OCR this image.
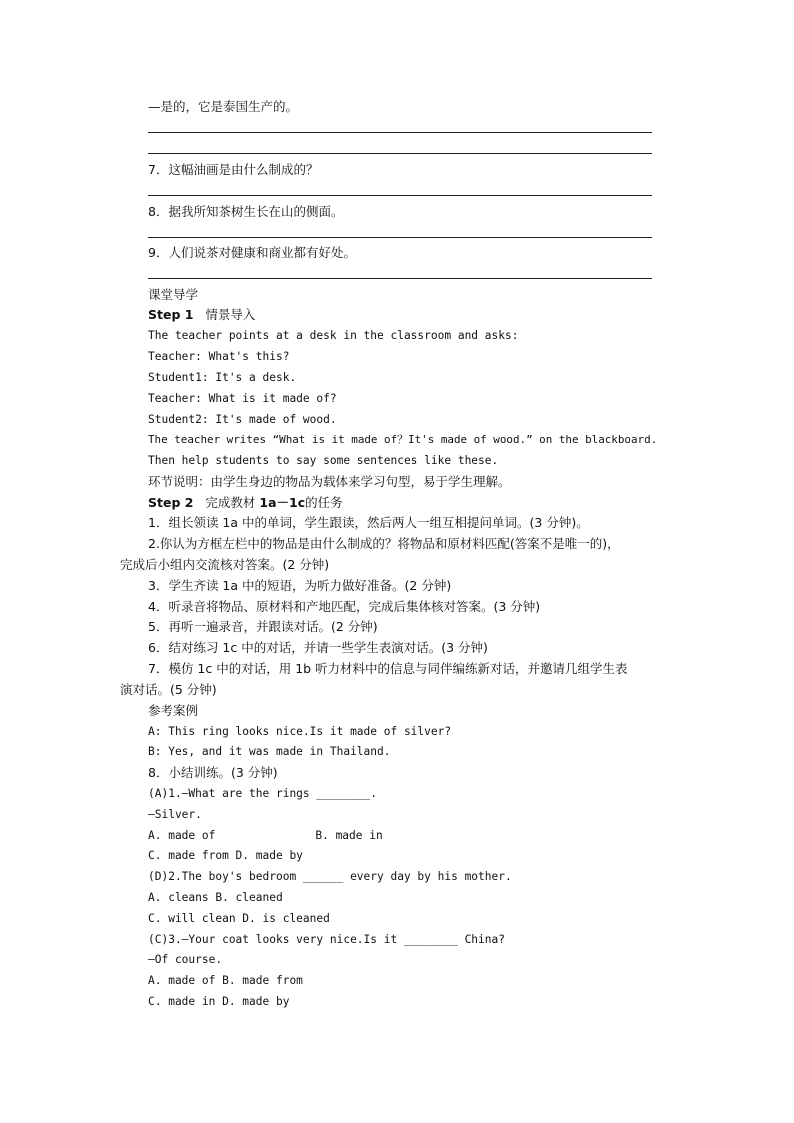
—是的，它是泰国生产的。
7．这幅油画是由什么制成的？
8．据我所知茶树生长在山的侧面。
9．人们说茶对健康和商业都有好处。
课堂导学
Step 1 情景导入
The teacher points at a desk in the classroom and asks:
Teacher: What's this?
Student1: It's a desk.
Teacher: What is it made of?
Student2: It's made of wood.
The teacher writes “What is it made of？It's made of wood.” on the blackboard.
Then help students to say some sentences like these.
环节说明：由学生身边的物品为载体来学习句型，易于学生理解。
Step 2 完成教材 1a－1c的任务
1．组长领读 1a 中的单词，学生跟读，然后两人一组互相提问单词。(3 分钟)。
2.你认为方框左栏中的物品是由什么制成的？将物品和原材料匹配(答案不是唯一的)，
完成后小组内交流核对答案。(2 分钟)
3．学生齐读 1a 中的短语，为听力做好准备。(2 分钟)
4．听录音将物品、原材料和产地匹配，完成后集体核对答案。(3 分钟)
5．再听一遍录音，并跟读对话。(2 分钟)
6．结对练习 1c 中的对话，并请一些学生表演对话。(3 分钟)
7．模仿 1c 中的对话，用 1b 听力材料中的信息与同伴编练新对话，并邀请几组学生表
演对话。(5 分钟)
参考案例
A: This ring looks nice.Is it made of silver?
B: Yes, and it was made in Thailand.
8．小结训练。(3 分钟)
(A)1.—What are the rings ________.
—Silver.
A. made of	B. made in
C. made from D. made by
(D)2.The boy's bedroom ______ every day by his mother.
A. cleans B. cleaned
C. will clean D. is cleaned
(C)3.—Your coat looks very nice.Is it ________ China?
—Of course.
A. made of B. made from
C. made in D. made by
